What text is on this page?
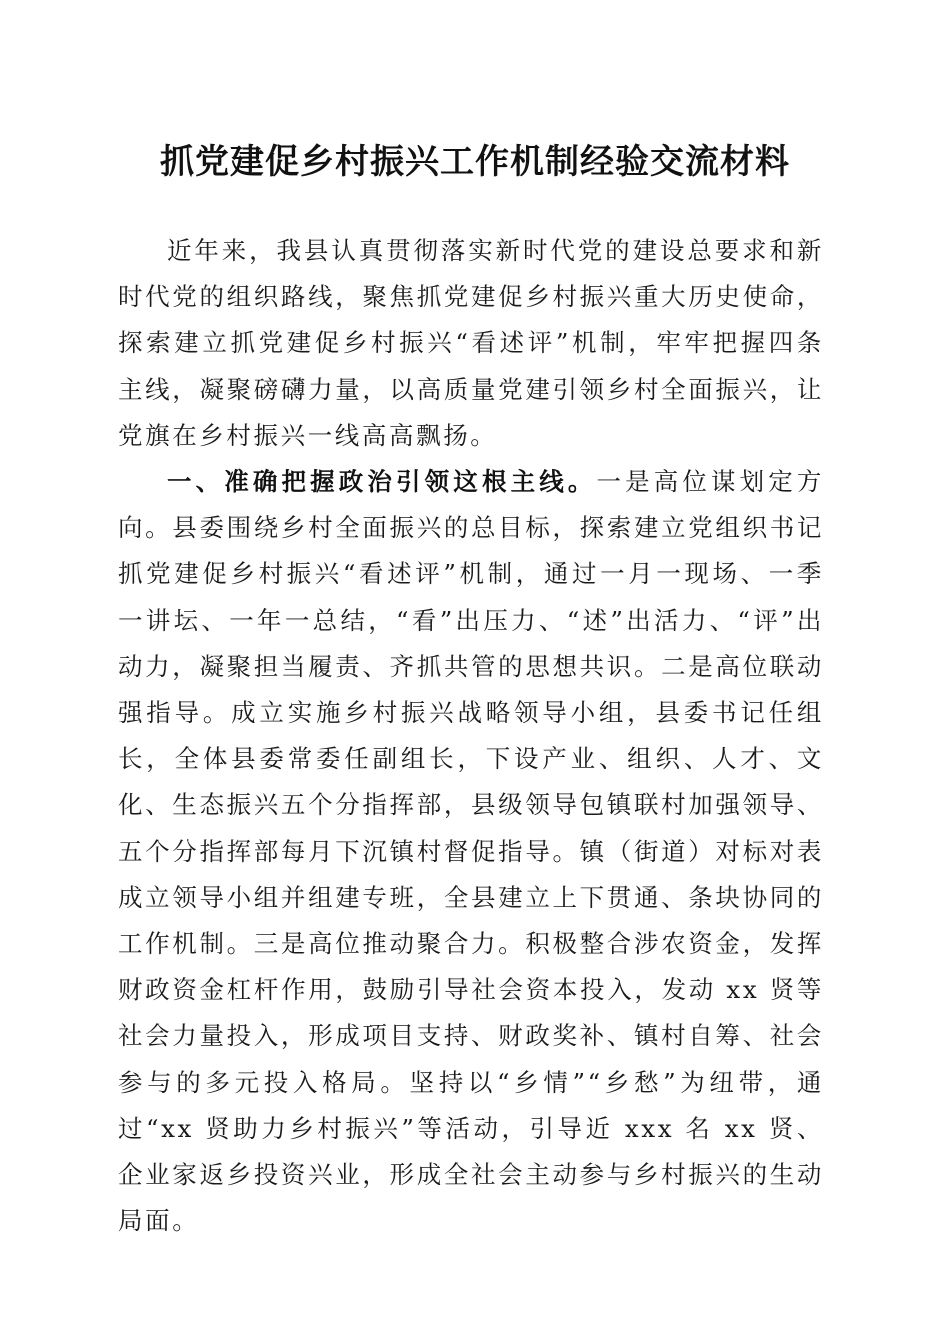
抓党建促乡村振兴工作机制经验交流材料

近年来，我县认真贯彻落实新时代党的建设总要求和新时代党的组织路线，聚焦抓党建促乡村振兴重大历史使命，探索建立抓党建促乡村振兴“看述评”机制，牢牢把握四条主线，凝聚磅礴力量，以高质量党建引领乡村全面振兴，让党旗在乡村振兴一线高高飘扬。

一、准确把握政治引领这根主线。一是高位谋划定方向。县委围绕乡村全面振兴的总目标，探索建立党组织书记抓党建促乡村振兴“看述评”机制，通过一月一现场、一季一讲坛、一年一总结，“看”出压力、“述”出活力、“评”出动力，凝聚担当履责、齐抓共管的思想共识。二是高位联动强指导。成立实施乡村振兴战略领导小组，县委书记任组长，全体县委常委任副组长，下设产业、组织、人才、文化、生态振兴五个分指挥部，县级领导包镇联村加强领导、五个分指挥部每月下沉镇村督促指导。镇（街道）对标对表成立领导小组并组建专班，全县建立上下贯通、条块协同的工作机制。三是高位推动聚合力。积极整合涉农资金，发挥财政资金杠杆作用，鼓励引导社会资本投入，发动 xx 贤等社会力量投入，形成项目支持、财政奖补、镇村自筹、社会参与的多元投入格局。坚持以“乡情”“乡愁”为纽带，通过“xx 贤助力乡村振兴”等活动，引导近 xxx 名 xx 贤、企业家返乡投资兴业，形成全社会主动参与乡村振兴的生动局面。
